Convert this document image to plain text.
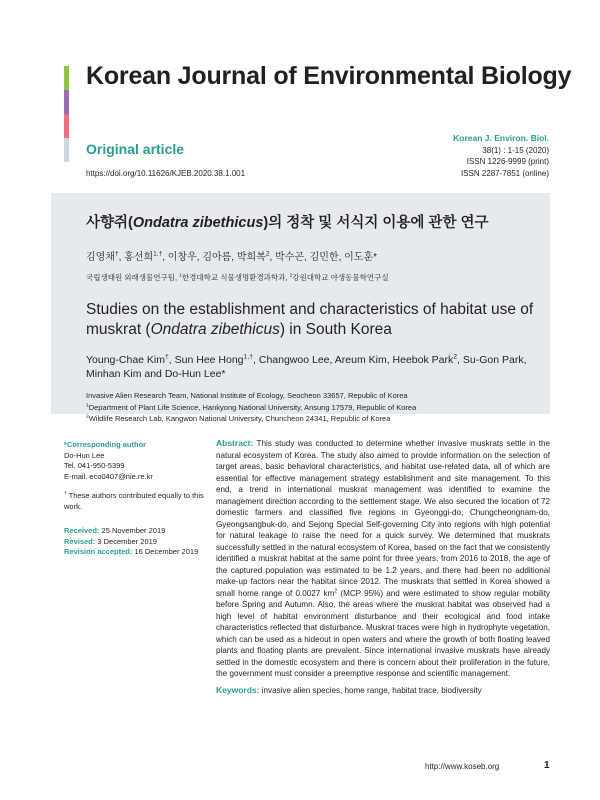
Korean Journal of Environmental Biology
Original article
https://doi.org/10.11626/KJEB.2020.38.1.001
Korean J. Environ. Biol.
38(1) : 1-15 (2020)
ISSN 1226-9999 (print)
ISSN 2287-7851 (online)
사향쥐(Ondatra zibethicus)의 정착 및 서식지 이용에 관한 연구
김영채†, 홍선희$^{1,\dagger}$, 이창우, 김아름, 박희복$^2$, 박수곤, 김민한, 이도훈*
국립생태원 외래생물연구팀, $^1$한경대학교 식물생명환경과학과, $^2$강원대학교 야생동물학연구실
Studies on the establishment and characteristics of habitat use of muskrat (Ondatra zibethicus) in South Korea
Young-Chae Kim†, Sun Hee Hong$^{1,\dagger}$, Changwoo Lee, Areum Kim, Heebok Park$^2$, Su-Gon Park, Minhan Kim and Do-Hun Lee*
Invasive Alien Research Team, National Institute of Ecology, Seocheon 33657, Republic of Korea
$^1$Department of Plant Life Science, Hankyong National University, Ansung 17579, Republic of Korea
$^2$Wildlife Research Lab, Kangwon National University, Chuncheon 24341, Republic of Korea
*Corresponding author
Do-Hun Lee
Tel. 041-950-5399
E-mail. eco0407@nie.re.kr
† These authors contributed equally to this work.
Received: 25 November 2019
Revised: 3 December 2019
Revision accepted: 16 December 2019
Abstract: This study was conducted to determine whether invasive muskrats settle in the natural ecosystem of Korea. The study also aimed to provide information on the selection of target areas, basic behavioral characteristics, and habitat use-related data, all of which are essential for effective management strategy establishment and site management. To this end, a trend in international muskrat management was identified to examine the management direction according to the settlement stage. We also secured the location of 72 domestic farmers and classified five regions in Gyeonggi-do, Chungcheongnam-do, Gyeongsangbuk-do, and Sejong Special Self-governing City into regions with high potential for natural leakage to raise the need for a quick survey. We determined that muskrats successfully settled in the natural ecosystem of Korea, based on the fact that we consistently identified a muskrat habitat at the same point for three years, from 2016 to 2018, the age of the captured population was estimated to be 1.2 years, and there had been no additional make-up factors near the habitat since 2012. The muskrats that settled in Korea showed a small home range of 0.0027 $km^2$ (MCP 95%) and were estimated to show regular mobility before Spring and Autumn. Also, the areas where the muskrat habitat was observed had a high level of habitat environment disturbance and their ecological and food intake characteristics reflected that disturbance. Muskrat traces were high in hydrophyte vegetation, which can be used as a hideout in open waters and where the growth of both floating leaved plants and floating plants are prevalent. Since international invasive muskrats have already settled in the domestic ecosystem and there is concern about their proliferation in the future, the government must consider a preemptive response and scientific management.
Keywords: invasive alien species, home range, habitat trace, biodiversity
http://www.koseb.org	1
